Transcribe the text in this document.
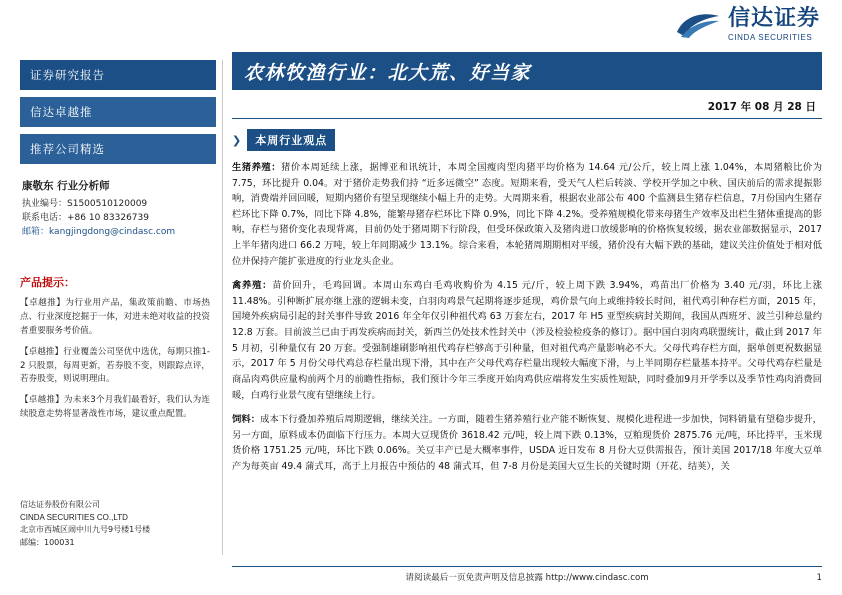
信达证券
CINDA SECURITIES
证券研究报告
信达卓越推
推荐公司精选
康敬东 行业分析师
执业编号：S1500510120009
联系电话：+86 10 83326739
邮箱：kangjingdong@cindasc.com
产品提示：
【卓越推】为行业用产品，集政策前瞻、市场热点、行业深度挖掘于一体，对进未绝对收益的投资者重要服务考价值。
【卓越推】行业覆盖公司坚优中选优，每期只推1-2 只股票，每周更新，若券股不变，则跟踪点评，若券股变，则说明理由。
【卓越推】为未来3个月我们最看好，我们认为连续股意走势将显著战性市场，建议重点配置。
信达证券股份有限公司
CINDA SECURITIES CO.,LTD
北京市西城区闹中川九号9号楼1号楼
邮编：100031
农林牧渔行业：北大荒、好当家
2017 年 08 月 28 日
❯	本周行业观点
生猪养殖：猪价本周延续上涨，据博亚和讯统计，本周全国瘦肉型肉猪平均价格为 14.64 元/公斤，较上周上涨 1.04%，本周猪粮比价为 7.75，环比提升 0.04。对于猪价走势我们持 “近多远微空” 态度。短期来看，受天气人栏后转淡、学校开学加之中秋、国庆前后的需求提振影响，消费端并回回暖，短期内猪价有望呈现继续小幅上升的走势。大周期来看，根据农业部公布 400 个监测县生猪存栏信息，7月份国内生猪存栏环比下降 0.7%，同比下降 4.8%，能繁母猪存栏环比下降 0.9%，同比下降 4.2%。受养殖规模化带来母猪生产效率及出栏生猪体重提高的影响，存栏与猪价变化表现背离，目前仍处于猪周期下行阶段，但受环保政策入及猪肉进口放缓影响的价格恢复较缓，据农业部数据显示，2017 上半年猪肉进口 66.2 万吨，较上年同期减少 13.1%。综合来看，本轮猪周期期相对平缓，猪价没有大幅下跌的基础，建议关注价值处于相对低位并保持产能扩张进度的行业龙头企业。
禽养殖：苗价回升，毛鸡回调。本周山东鸡白毛鸡收购价为 4.15 元/斤，较上周下跌 3.94%，鸡苗出厂价格为 3.40 元/羽，环比上涨 11.48%。引种断扩展亦继上涨的逻辑未变，白羽肉鸡景气起期将逐步延现，鸡价景气向上或维持较长时间，祖代鸡引种存栏方面，2015 年，国境外疾病局引起的封关事件导致 2016 年全年仅引种祖代鸡 63 万套左右，2017 年 H5 亚型疾病封关期间，我国从西班牙、波兰引种总量约 12.8 万套。目前波兰已由于再发疾病而封关，新西兰仍处技术性封关中（涉及检验检疫条的修订）。据中国白羽肉鸡联盟统计，截止到 2017 年 5 月初，引种量仅有 20 万套。受强制雄刷影响祖代鸡存栏够高于引种量，但对祖代鸡产量影响必不大。父母代鸡存栏方面，据单创更祝数据显示，2017 年 5 月份父母代鸡总存栏量出现下滑，其中在产父母代鸡存栏量出现较大幅度下滑，与上半同期存栏量基本持平。父母代鸡存栏量是商品肉鸡供应量构前两个月的前瞻性指标，我们预计今年三季度开始肉鸡供应端将发生实质性短缺，同时叠加9月开学季以及季节性鸡肉消费回暖，白鸡行业景气度有望继续上行。
饲料：成本下行叠加养殖后周期逻辑，继续关注。一方面，随着生猪养殖行业产能不断恢复、规模化进程进一步加快，饲料销量有望稳步提升，另一方面，原料成本仍面临下行压力。本周大豆现货价 3618.42 元/吨，较上周下跌 0.13%，豆粕现货价 2875.76 元/吨，环比持平，玉米现货价格 1751.25 元/吨，环比下跌 0.06%。关豆丰产已是大概率事件，USDA 近日发布 8 月份大豆供需报告，预计美国 2017/18 年度大豆单产为每英亩 49.4 蒲式耳，高于上月报告中预估的 48 蒲式耳，但 7-8 月份是美国大豆生长的关键时期（开花、结荚），关
请阅读最后一页免责声明及信息披露 http://www.cindasc.com	1
